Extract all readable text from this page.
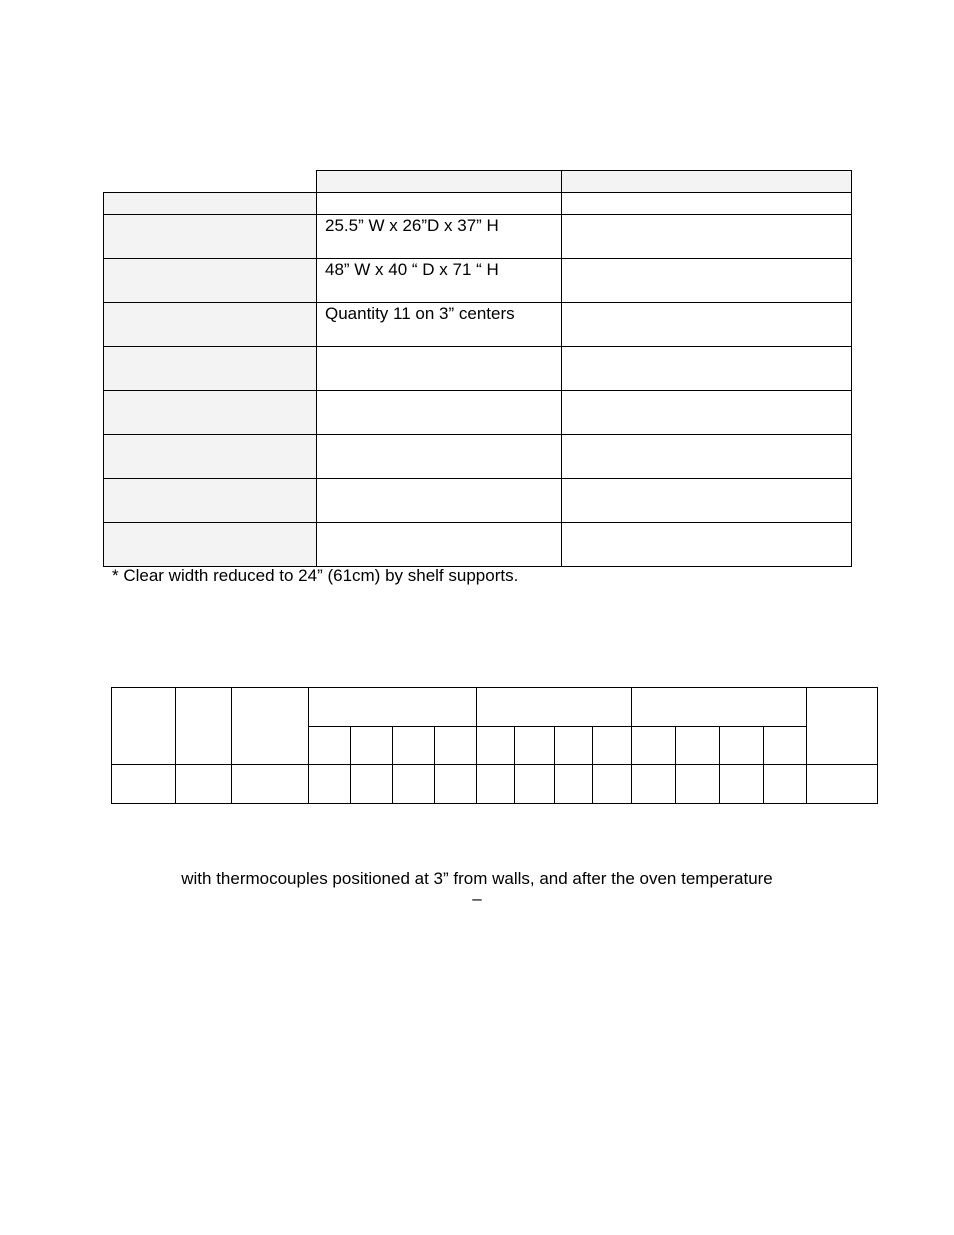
	25.5” W x 26”D x 37” H	

	48” W x 40 “ D x 71 “ H	

	Quantity 11 on 3” centers	

* Clear width reduced to 24” (61cm) by shelf supports.

with thermocouples positioned at 3” from walls, and after the oven temperature

–
